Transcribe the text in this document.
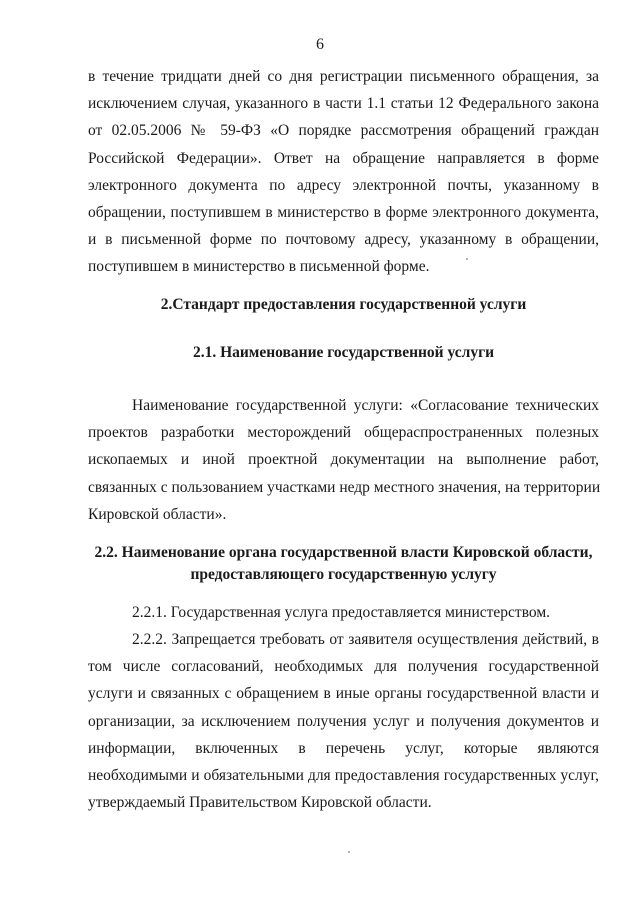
6
в течение тридцати дней со дня регистрации письменного обращения, за
исключением случая, указанного в части 1.1 статьи 12 Федерального закона
от 02.05.2006 № 59-ФЗ «О порядке рассмотрения обращений граждан
Российской Федерации». Ответ на обращение направляется в форме
электронного документа по адресу электронной почты, указанному в
обращении, поступившем в министерство в форме электронного документа,
и в письменной форме по почтовому адресу, указанному в обращении,
поступившем в министерство в письменной форме.
2.Стандарт предоставления государственной услуги
2.1. Наименование государственной услуги
Наименование государственной услуги: «Согласование технических
проектов разработки месторождений общераспространенных полезных
ископаемых и иной проектной документации на выполнение работ,
связанных с пользованием участками недр местного значения, на территории
Кировской области».
2.2. Наименование органа государственной власти Кировской области,
предоставляющего государственную услугу
2.2.1. Государственная услуга предоставляется министерством.
2.2.2. Запрещается требовать от заявителя осуществления действий, в
том числе согласований, необходимых для получения государственной
услуги и связанных с обращением в иные органы государственной власти и
организации, за исключением получения услуг и получения документов и
информации, включенных в перечень услуг, которые являются
необходимыми и обязательными для предоставления государственных услуг,
утверждаемый Правительством Кировской области.
